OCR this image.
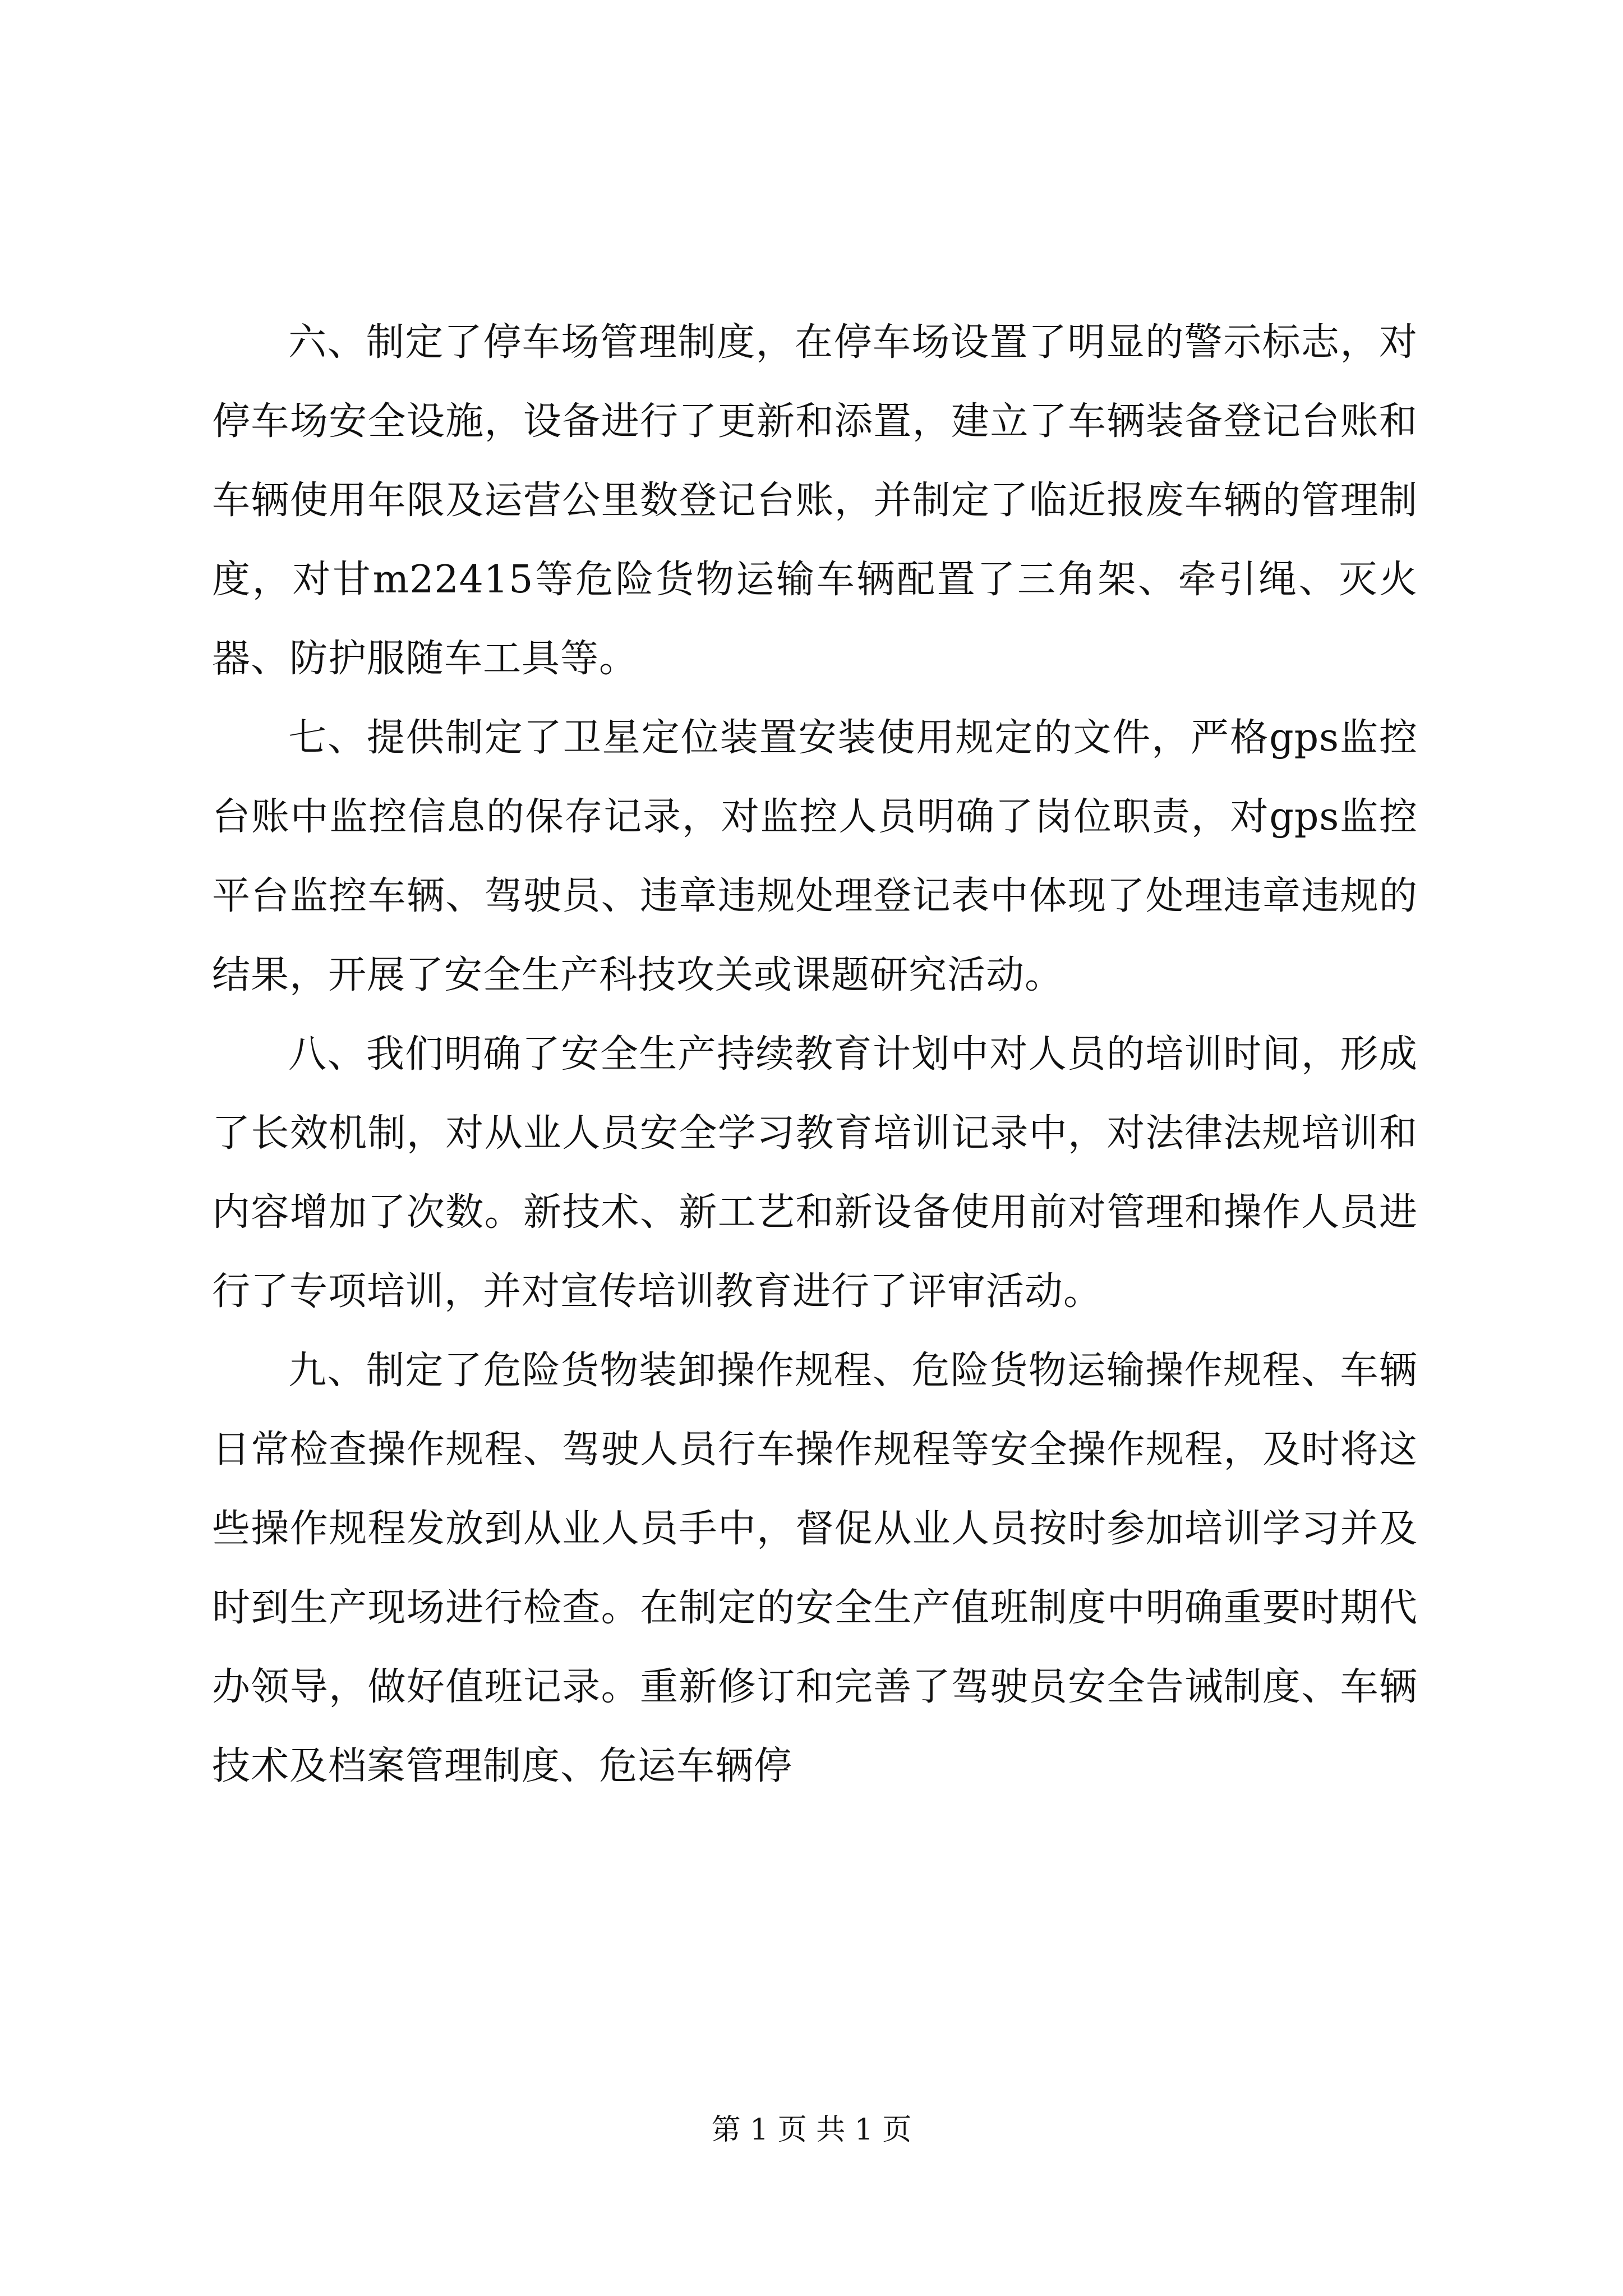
六、制定了停车场管理制度，在停车场设置了明显的警示标志，对停车场安全设施，设备进行了更新和添置，建立了车辆装备登记台账和车辆使用年限及运营公里数登记台账，并制定了临近报废车辆的管理制度，对甘m22415等危险货物运输车辆配置了三角架、牵引绳、灭火器、防护服随车工具等。

七、提供制定了卫星定位装置安装使用规定的文件，严格gps监控台账中监控信息的保存记录，对监控人员明确了岗位职责，对gps监控平台监控车辆、驾驶员、违章违规处理登记表中体现了处理违章违规的结果，开展了安全生产科技攻关或课题研究活动。

八、我们明确了安全生产持续教育计划中对人员的培训时间，形成了长效机制，对从业人员安全学习教育培训记录中，对法律法规培训和内容增加了次数。新技术、新工艺和新设备使用前对管理和操作人员进行了专项培训，并对宣传培训教育进行了评审活动。

九、制定了危险货物装卸操作规程、危险货物运输操作规程、车辆日常检查操作规程、驾驶人员行车操作规程等安全操作规程，及时将这些操作规程发放到从业人员手中，督促从业人员按时参加培训学习并及时到生产现场进行检查。在制定的安全生产值班制度中明确重要时期代办领导，做好值班记录。重新修订和完善了驾驶员安全告诫制度、车辆技术及档案管理制度、危运车辆停

第 1 页 共 1 页
